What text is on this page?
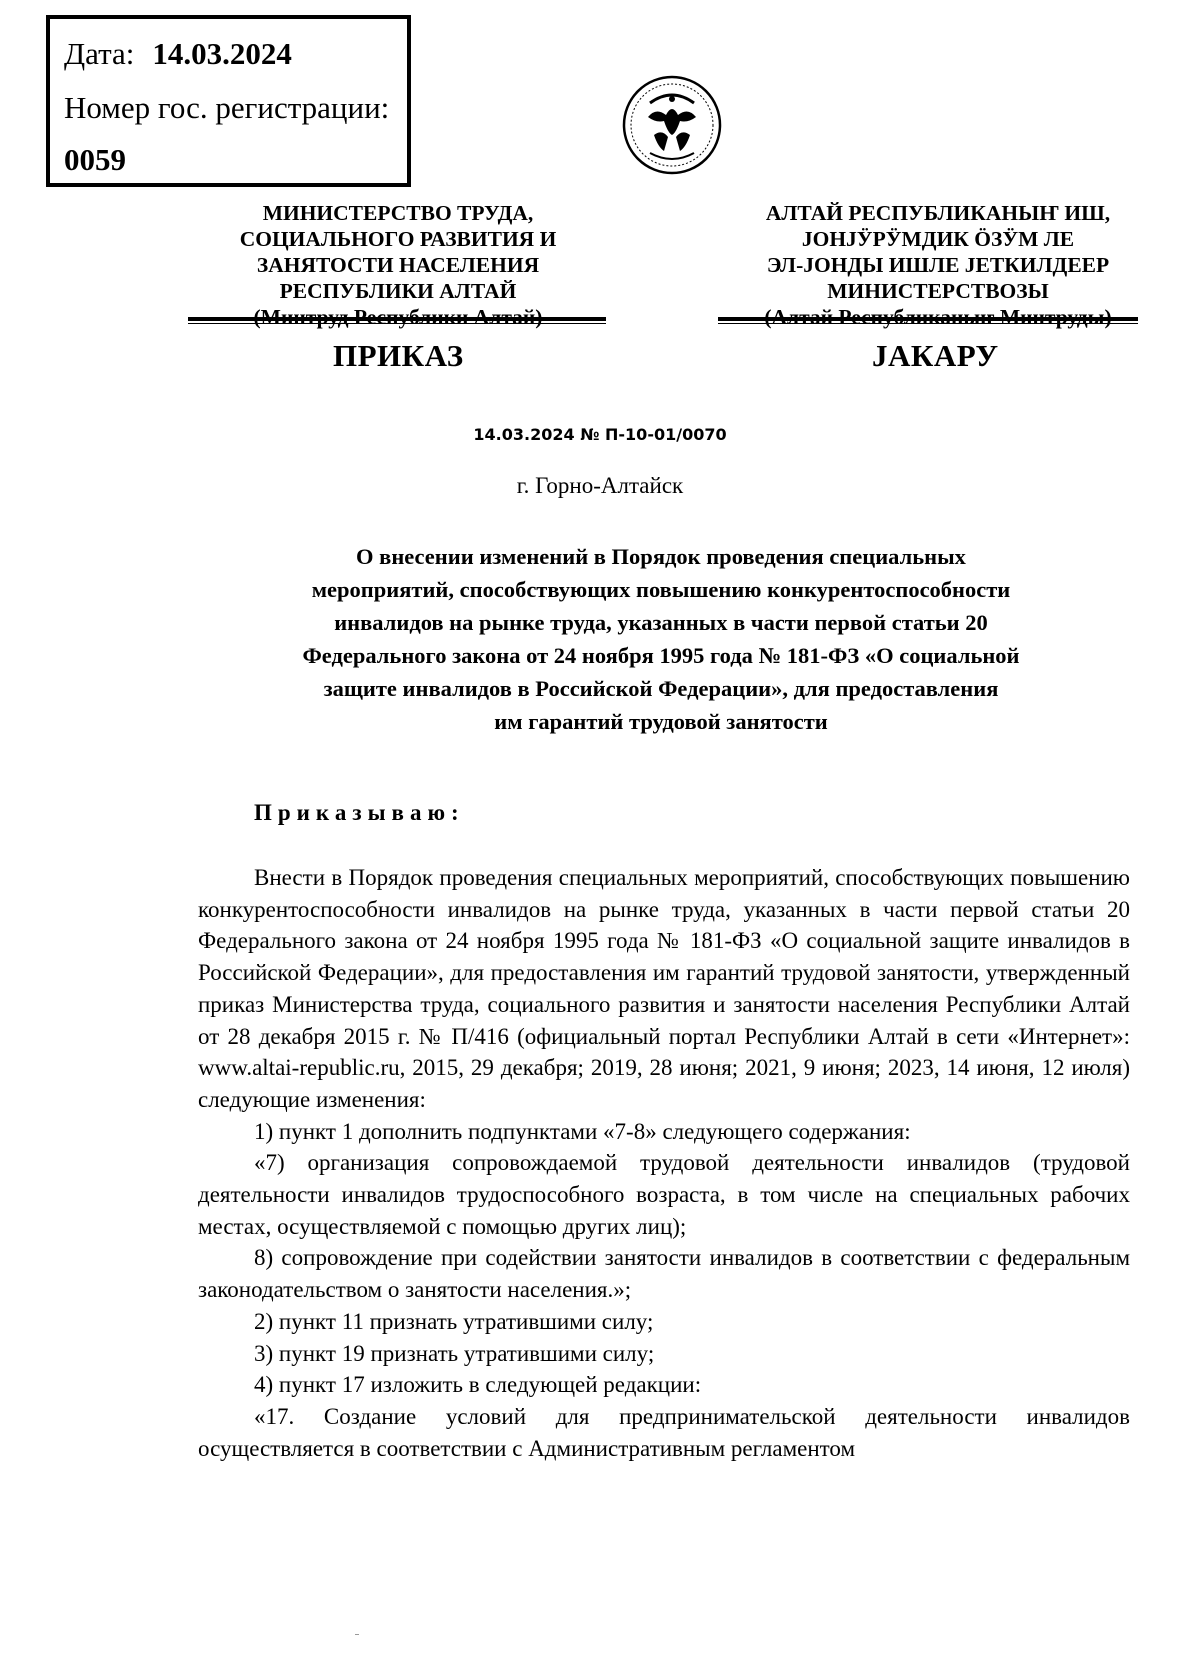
Дата: 14.03.2024
Номер гос. регистрации:
0059
МИНИСТЕРСТВО ТРУДА,
СОЦИАЛЬНОГО РАЗВИТИЯ И
ЗАНЯТОСТИ НАСЕЛЕНИЯ
РЕСПУБЛИКИ АЛТАЙ
АЛТАЙ РЕСПУБЛИКАНЫҤ ИШ,
ЈОНЈӰРӰМДИК ӦЗӰМ ЛЕ
ЭЛ-ЈОНДЫ ИШЛЕ ЈЕТКИЛДЕЕР
МИНИСТЕРСТВОЗЫ
ПРИКАЗ	ЈАКАРУ
14.03.2024 № П-10-01/0070
г. Горно-Алтайск
О внесении изменений в Порядок проведения специальных
мероприятий, способствующих повышению конкурентоспособности
инвалидов на рынке труда, указанных в части первой статьи 20
Федерального закона от 24 ноября 1995 года № 181-ФЗ «О социальной
защите инвалидов в Российской Федерации», для предоставления
им гарантий трудовой занятости
Приказываю:

Внести в Порядок проведения специальных мероприятий, способствующих повышению конкурентоспособности инвалидов на рынке труда, указанных в части первой статьи 20 Федерального закона от 24 ноября 1995 года № 181-ФЗ «О социальной защите инвалидов в Российской Федерации», для предоставления им гарантий трудовой занятости, утвержденный приказ Министерства труда, социального развития и занятости населения Республики Алтай от 28 декабря 2015 г. № П/416 (официальный портал Республики Алтай в сети «Интернет»: www.altai-republic.ru, 2015, 29 декабря; 2019, 28 июня; 2021, 9 июня; 2023, 14 июня, 12 июля) следующие изменения:

1) пункт 1 дополнить подпунктами «7-8» следующего содержания:

«7) организация сопровождаемой трудовой деятельности инвалидов (трудовой деятельности инвалидов трудоспособного возраста, в том числе на специальных рабочих местах, осуществляемой с помощью других лиц);

8) сопровождение при содействии занятости инвалидов в соответствии с федеральным законодательством о занятости населения.»;

2) пункт 11 признать утратившими силу;

3) пункт 19 признать утратившими силу;

4) пункт 17 изложить в следующей редакции:

«17. Создание условий для предпринимательской деятельности инвалидов осуществляется в соответствии с Административным регламентом
